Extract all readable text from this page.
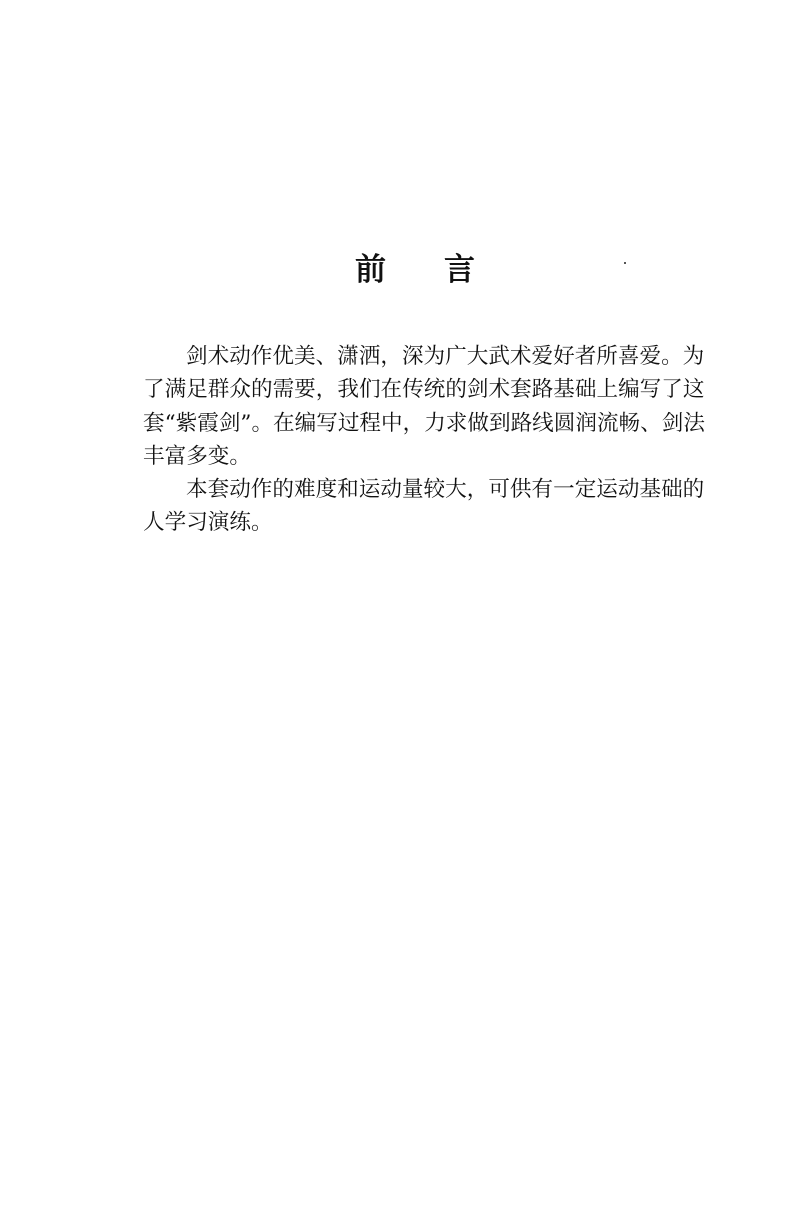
前 言
剑术动作优美、潇洒，深为广大武术爱好者所喜爱。为
了满足群众的需要，我们在传统的剑术套路基础上编写了这
套“紫霞剑”。在编写过程中，力求做到路线圆润流畅、剑法
丰富多变。
本套动作的难度和运动量较大，可供有一定运动基础的
人学习演练。
